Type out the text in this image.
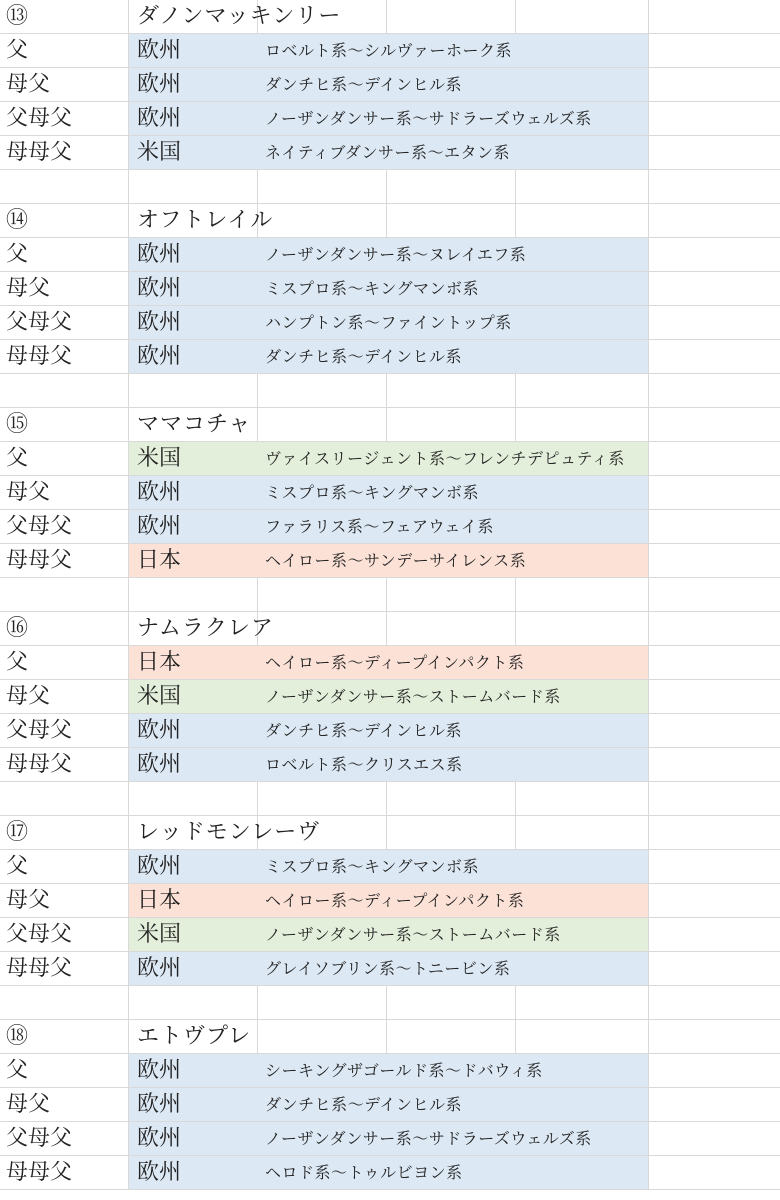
⑬	ダノンマッキンリー
父	欧州	ロベルト系～シルヴァーホーク系
母父	欧州	ダンチヒ系～デインヒル系
父母父	欧州	ノーザンダンサー系～サドラーズウェルズ系
母母父	米国	ネイティブダンサー系～エタン系
⑭	オフトレイル
父	欧州	ノーザンダンサー系～ヌレイエフ系
母父	欧州	ミスプロ系～キングマンボ系
父母父	欧州	ハンプトン系～ファイントップ系
母母父	欧州	ダンチヒ系～デインヒル系
⑮	ママコチャ
父	米国	ヴァイスリージェント系～フレンチデピュティ系
母父	欧州	ミスプロ系～キングマンボ系
父母父	欧州	ファラリス系～フェアウェイ系
母母父	日本	ヘイロー系～サンデーサイレンス系
⑯	ナムラクレア
父	日本	ヘイロー系～ディープインパクト系
母父	米国	ノーザンダンサー系～ストームバード系
父母父	欧州	ダンチヒ系～デインヒル系
母母父	欧州	ロベルト系～クリスエス系
⑰	レッドモンレーヴ
父	欧州	ミスプロ系～キングマンボ系
母父	日本	ヘイロー系～ディープインパクト系
父母父	米国	ノーザンダンサー系～ストームバード系
母母父	欧州	グレイソブリン系～トニービン系
⑱	エトヴプレ
父	欧州	シーキングザゴールド系～ドバウィ系
母父	欧州	ダンチヒ系～デインヒル系
父母父	欧州	ノーザンダンサー系～サドラーズウェルズ系
母母父	欧州	ヘロド系～トゥルビヨン系
